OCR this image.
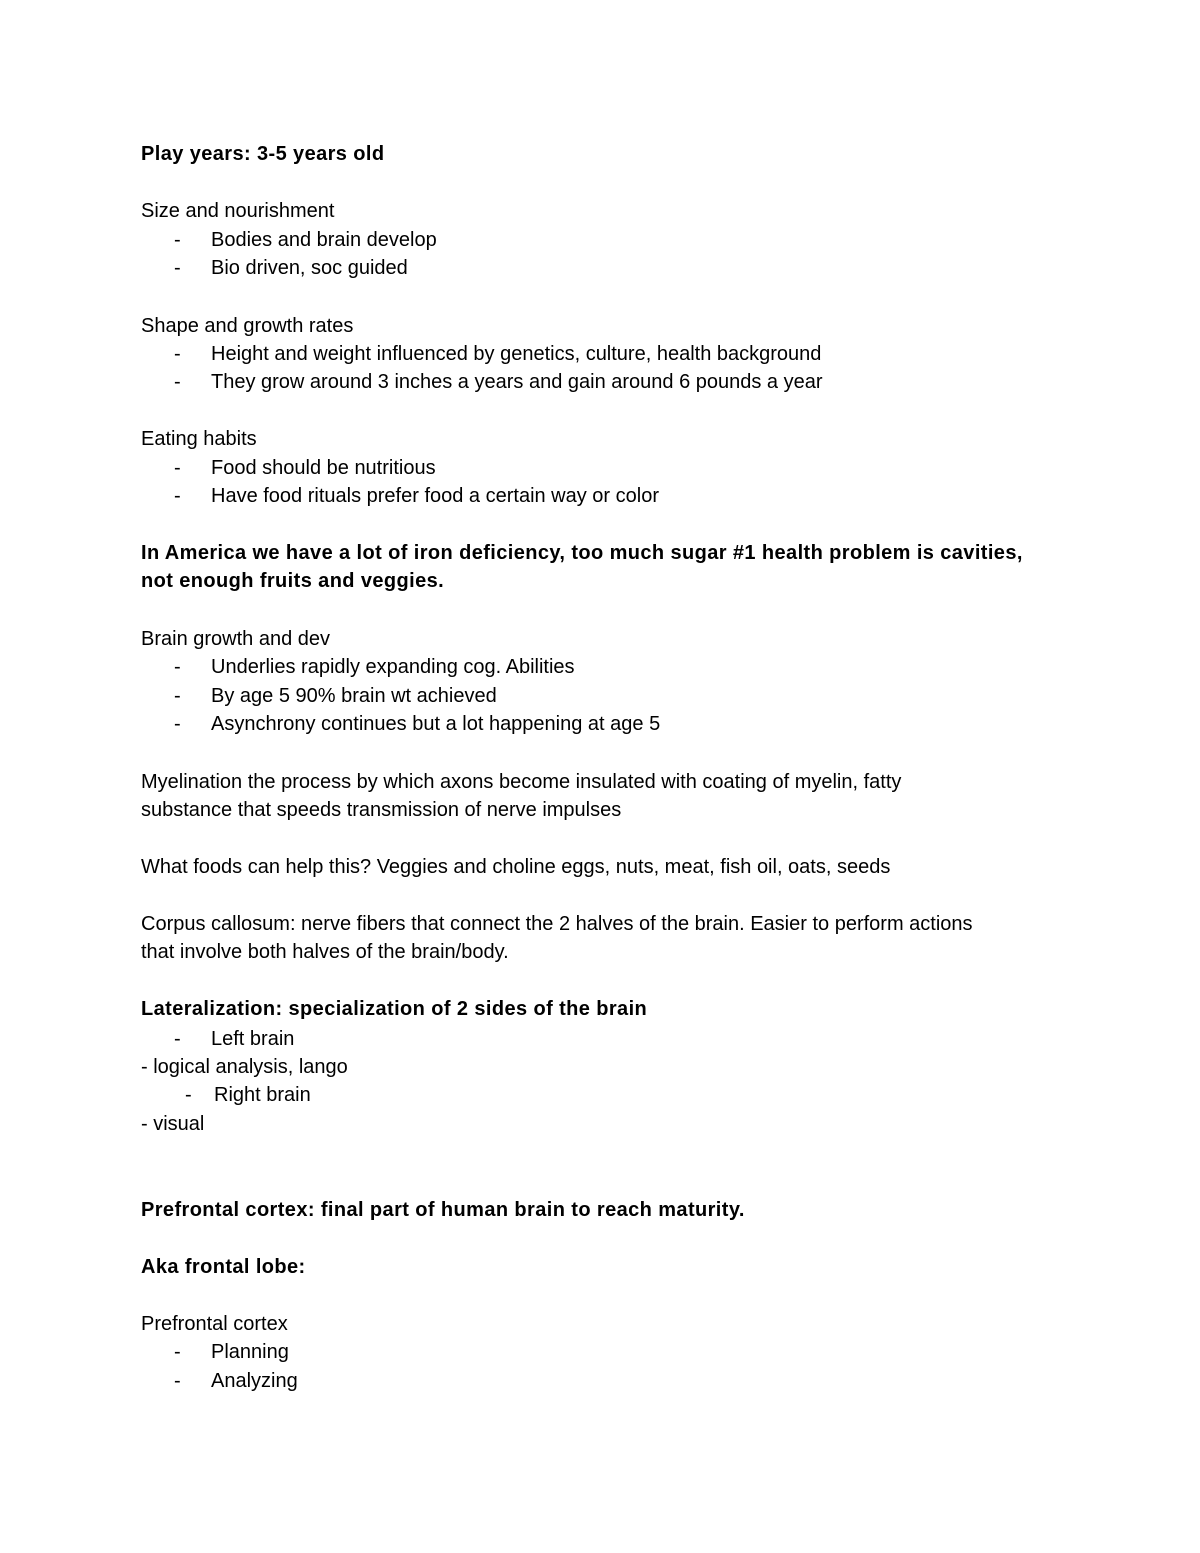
Play years: 3-5 years old
Size and nourishment
- Bodies and brain develop
- Bio driven, soc guided
Shape and growth rates
- Height and weight influenced by genetics, culture, health background
- They grow around 3 inches a years and gain around 6 pounds a year
Eating habits
- Food should be nutritious
- Have food rituals prefer food a certain way or color
In America we have a lot of iron deficiency, too much sugar #1 health problem is cavities,
not enough fruits and veggies.
Brain growth and dev
- Underlies rapidly expanding cog. Abilities
- By age 5 90% brain wt achieved
- Asynchrony continues but a lot happening at age 5
Myelination the process by which axons become insulated with coating of myelin, fatty
substance that speeds transmission of nerve impulses
What foods can help this? Veggies and choline eggs, nuts, meat, fish oil, oats, seeds
Corpus callosum: nerve fibers that connect the 2 halves of the brain. Easier to perform actions
that involve both halves of the brain/body.
Lateralization: specialization of 2 sides of the brain
- Left brain
- logical analysis, lango
- Right brain
- visual
Prefrontal cortex: final part of human brain to reach maturity.
Aka frontal lobe:
Prefrontal cortex
- Planning
- Analyzing
